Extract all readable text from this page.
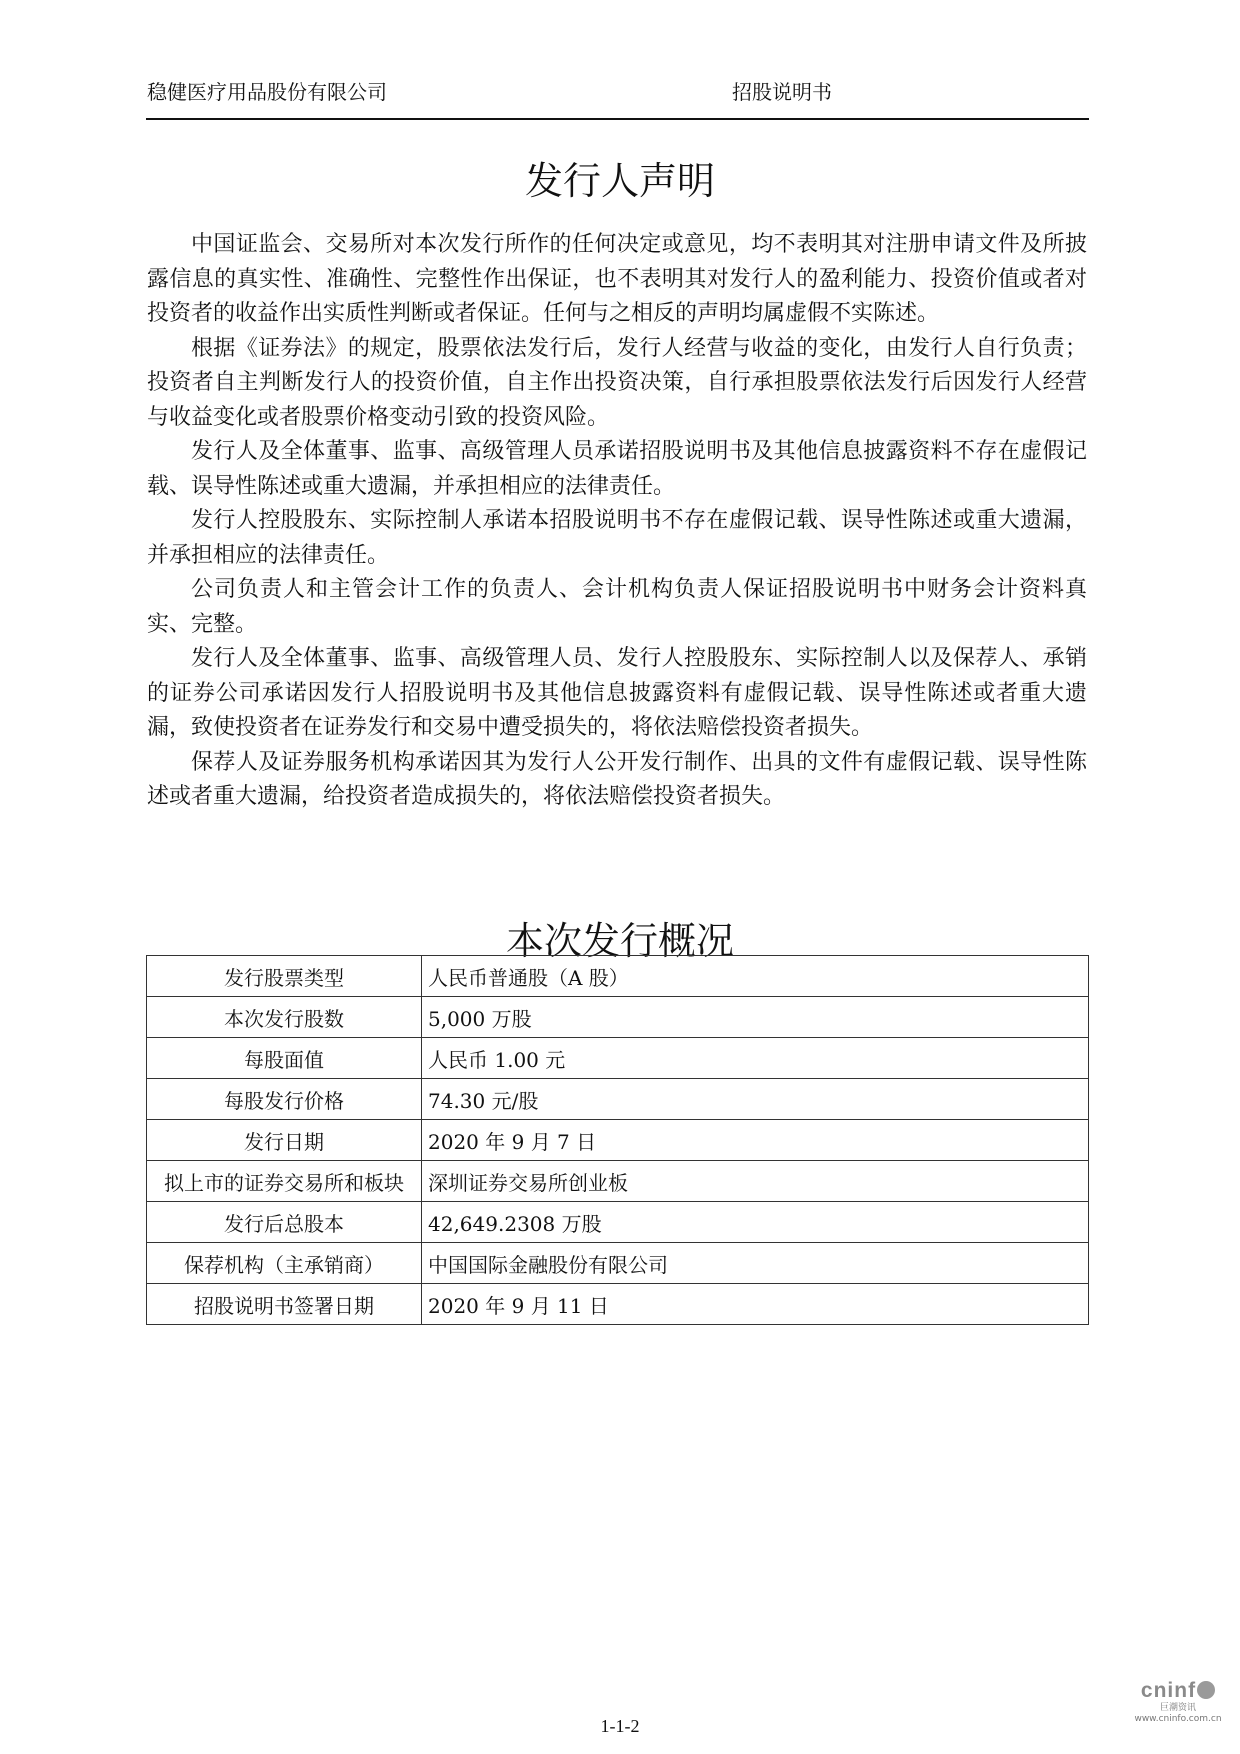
稳健医疗用品股份有限公司	招股说明书
发行人声明

中国证监会、交易所对本次发行所作的任何决定或意见，均不表明其对注册申请文件及所披露信息的真实性、准确性、完整性作出保证，也不表明其对发行人的盈利能力、投资价值或者对投资者的收益作出实质性判断或者保证。任何与之相反的声明均属虚假不实陈述。

根据《证券法》的规定，股票依法发行后，发行人经营与收益的变化，由发行人自行负责；投资者自主判断发行人的投资价值，自主作出投资决策，自行承担股票依法发行后因发行人经营与收益变化或者股票价格变动引致的投资风险。

发行人及全体董事、监事、高级管理人员承诺招股说明书及其他信息披露资料不存在虚假记载、误导性陈述或重大遗漏，并承担相应的法律责任。

发行人控股股东、实际控制人承诺本招股说明书不存在虚假记载、误导性陈述或重大遗漏，并承担相应的法律责任。

公司负责人和主管会计工作的负责人、会计机构负责人保证招股说明书中财务会计资料真实、完整。

发行人及全体董事、监事、高级管理人员、发行人控股股东、实际控制人以及保荐人、承销的证券公司承诺因发行人招股说明书及其他信息披露资料有虚假记载、误导性陈述或者重大遗漏，致使投资者在证券发行和交易中遭受损失的，将依法赔偿投资者损失。

保荐人及证券服务机构承诺因其为发行人公开发行制作、出具的文件有虚假记载、误导性陈述或者重大遗漏，给投资者造成损失的，将依法赔偿投资者损失。

本次发行概况
发行股票类型	人民币普通股（A 股）
本次发行股数	5,000 万股
每股面值	人民币 1.00 元
每股发行价格	74.30 元/股
发行日期	2020 年 9 月 7 日
拟上市的证券交易所和板块	深圳证券交易所创业板
发行后总股本	42,649.2308 万股
保荐机构（主承销商）	中国国际金融股份有限公司
招股说明书签署日期	2020 年 9 月 11 日
cninf
巨潮资讯
www.cninfo.com.cn
1-1-2
